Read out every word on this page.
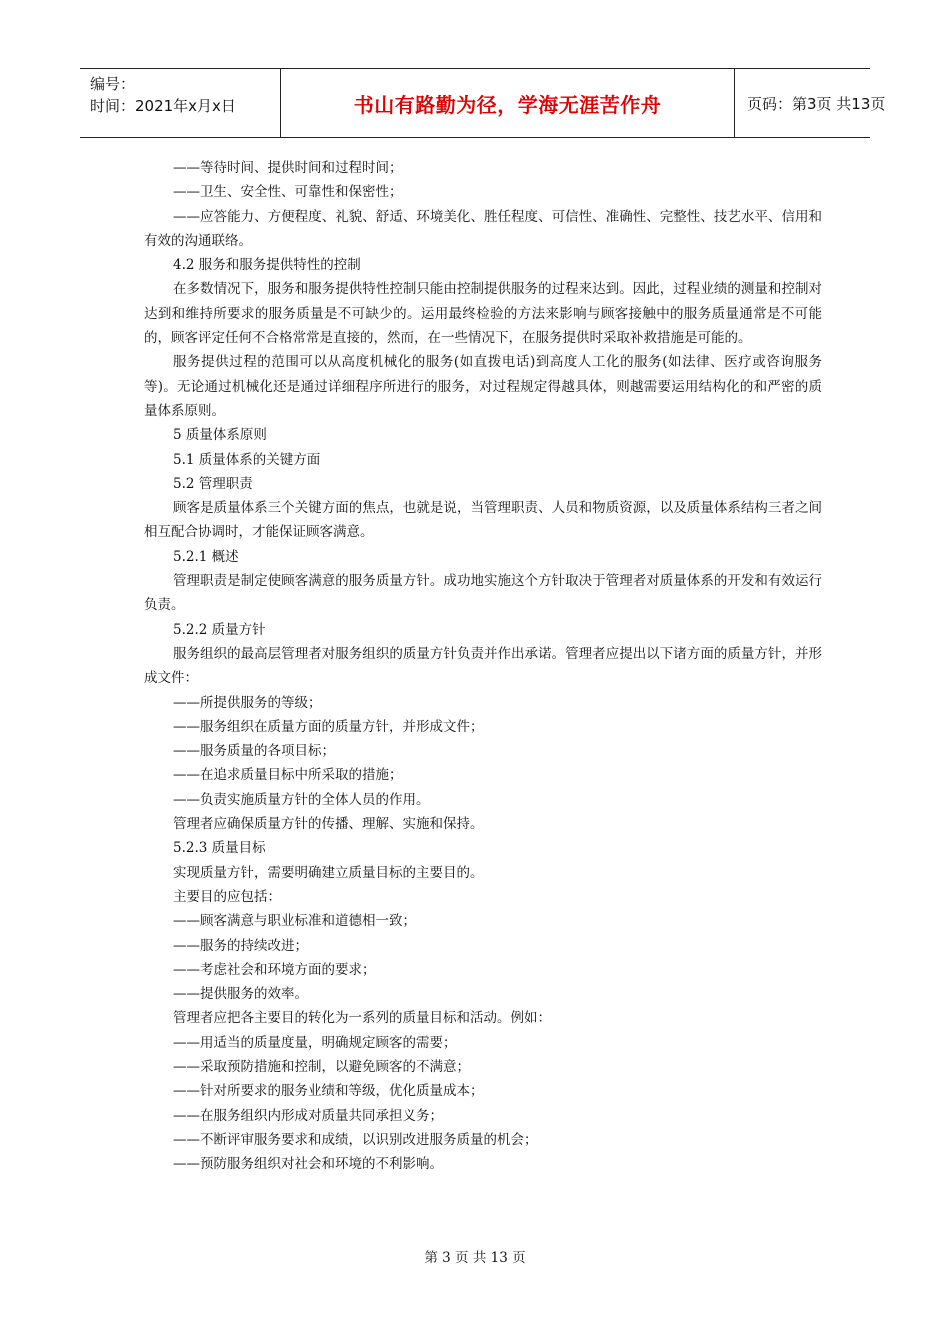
编号：
时间：2021年x月x日	书山有路勤为径，学海无涯苦作舟	页码：第3页 共13页

——等待时间、提供时间和过程时间；

——卫生、安全性、可靠性和保密性；

——应答能力、方便程度、礼貌、舒适、环境美化、胜任程度、可信性、准确性、完整性、技艺水平、信用和有效的沟通联络。

4.2 服务和服务提供特性的控制

在多数情况下，服务和服务提供特性控制只能由控制提供服务的过程来达到。因此，过程业绩的测量和控制对达到和维持所要求的服务质量是不可缺少的。运用最终检验的方法来影响与顾客接触中的服务质量通常是不可能的，顾客评定任何不合格常常是直接的，然而，在一些情况下，在服务提供时采取补救措施是可能的。

服务提供过程的范围可以从高度机械化的服务(如直拨电话)到高度人工化的服务(如法律、医疗或咨询服务等)。无论通过机械化还是通过详细程序所进行的服务，对过程规定得越具体，则越需要运用结构化的和严密的质量体系原则。

5 质量体系原则

5.1 质量体系的关键方面

5.2 管理职责

顾客是质量体系三个关键方面的焦点，也就是说，当管理职责、人员和物质资源，以及质量体系结构三者之间相互配合协调时，才能保证顾客满意。

5.2.1 概述

管理职责是制定使顾客满意的服务质量方针。成功地实施这个方针取决于管理者对质量体系的开发和有效运行负责。

5.2.2 质量方针

服务组织的最高层管理者对服务组织的质量方针负责并作出承诺。管理者应提出以下诸方面的质量方针，并形成文件：

——所提供服务的等级；

——服务组织在质量方面的质量方针，并形成文件；

——服务质量的各项目标；

——在追求质量目标中所采取的措施；

——负责实施质量方针的全体人员的作用。

管理者应确保质量方针的传播、理解、实施和保持。

5.2.3 质量目标

实现质量方针，需要明确建立质量目标的主要目的。

主要目的应包括：

——顾客满意与职业标准和道德相一致；

——服务的持续改进；

——考虑社会和环境方面的要求；

——提供服务的效率。

管理者应把各主要目的转化为一系列的质量目标和活动。例如：

——用适当的质量度量，明确规定顾客的需要；

——采取预防措施和控制，以避免顾客的不满意；

——针对所要求的服务业绩和等级，优化质量成本；

——在服务组织内形成对质量共同承担义务；

——不断评审服务要求和成绩，以识别改进服务质量的机会；

——预防服务组织对社会和环境的不利影响。

第 3 页 共 13 页
